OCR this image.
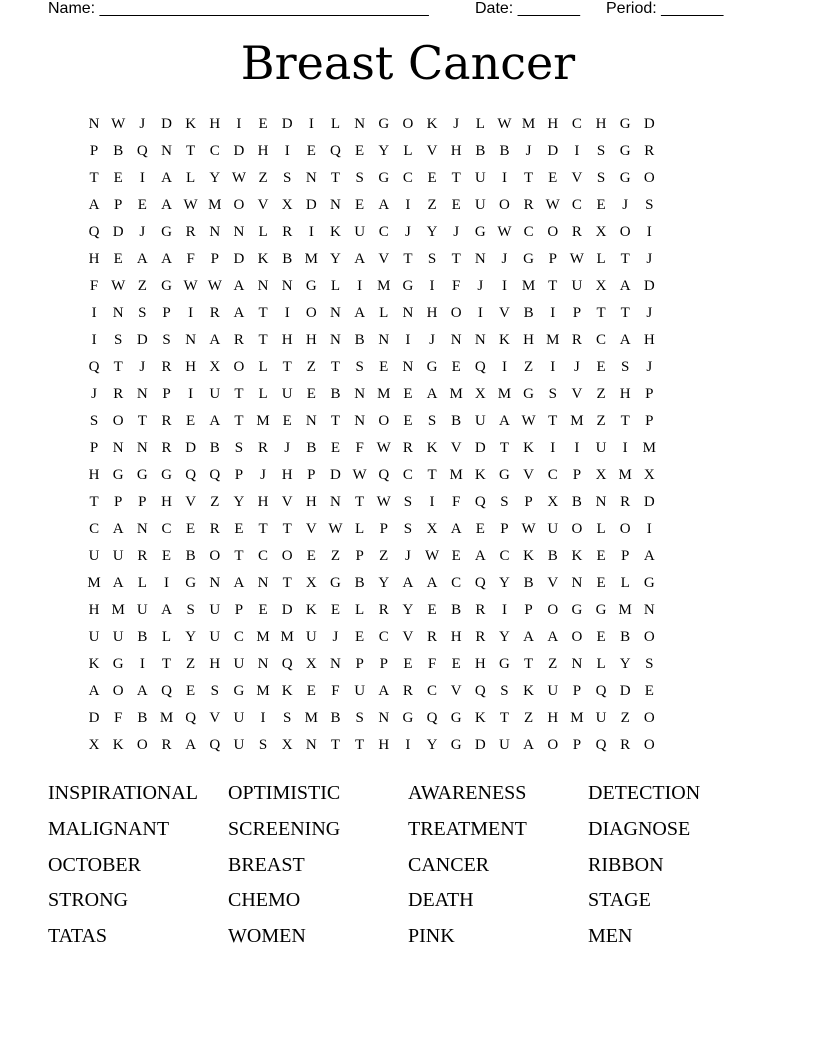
Name: _____________________________________	Date: _______ Period: _______
Breast Cancer
N W J	D K H	I	E D	I	L N G O K	J	L W M H C H G D
P B Q N T C D H	I	E Q E Y L V H B B	J	D	I	S G R
T E	I	A L Y W Z	S N T	S G C E T U	I	T E V S G O
A P	E A W M O V X D N E A	I	Z E U O R W C E	J	S
Q D	J	G R N N L R	I	K U C	J	Y	J	G W C O R X O	I
H E A A F	P D K B M Y A V T	S	T N	J	G P W L T	J
F W Z G W W A N N G L	I M G	I	F	J	I M T U X A D
I	N S	P	I	R A T	I	O N A L N H O	I	V B	I	P	T T	J
I	S D S N A R T H H N B N	I	J	N N K H M R C A H
Q T	J	R H X O L T Z T	S	E N G E Q	I	Z	I	J	E	S	J
J	R N P	I	U T L U E B N M E A M X M G S V Z H P
S O T R E A T M E N T N O E	S B U A W T M Z T	P
P N N R D B S R	J	B E	F W R K V D T K	I	I	U	I M
H G G G Q Q P	J	H P D W Q C T M K G V C P X M X
T	P	P H V Z Y H V H N T W S	I	F Q S	P X B N R D
C A N C E R E T T V W L	P	S X A E	P W U O L O	I
U U R E B O T C O E Z	P	Z	J W E A C K B K E	P A
M A L	I	G N A N T X G B Y A A C Q Y B V N E L G
H M U A S U P	E D K E L R Y E B R	I	P O G G M N
U U B L Y U C M M U	J	E C V R H R Y A A O E B O
K G	I	T Z H U N Q X N P	P	E	F	E H G T Z N L Y S
A O A Q E	S G M K E	F U A R C V Q S K U P Q D E
D F B M Q V U	I	S M B S N G Q G K T Z H M U Z O
X K O R A Q U S X N T T H	I	Y G D U A O P Q R O
INSPIRATIONAL	OPTIMISTIC	AWARENESS	DETECTION
MALIGNANT	SCREENING	TREATMENT	DIAGNOSE
OCTOBER	BREAST	CANCER	RIBBON
STRONG	CHEMO	DEATH	STAGE
TATAS	WOMEN	PINK	MEN
